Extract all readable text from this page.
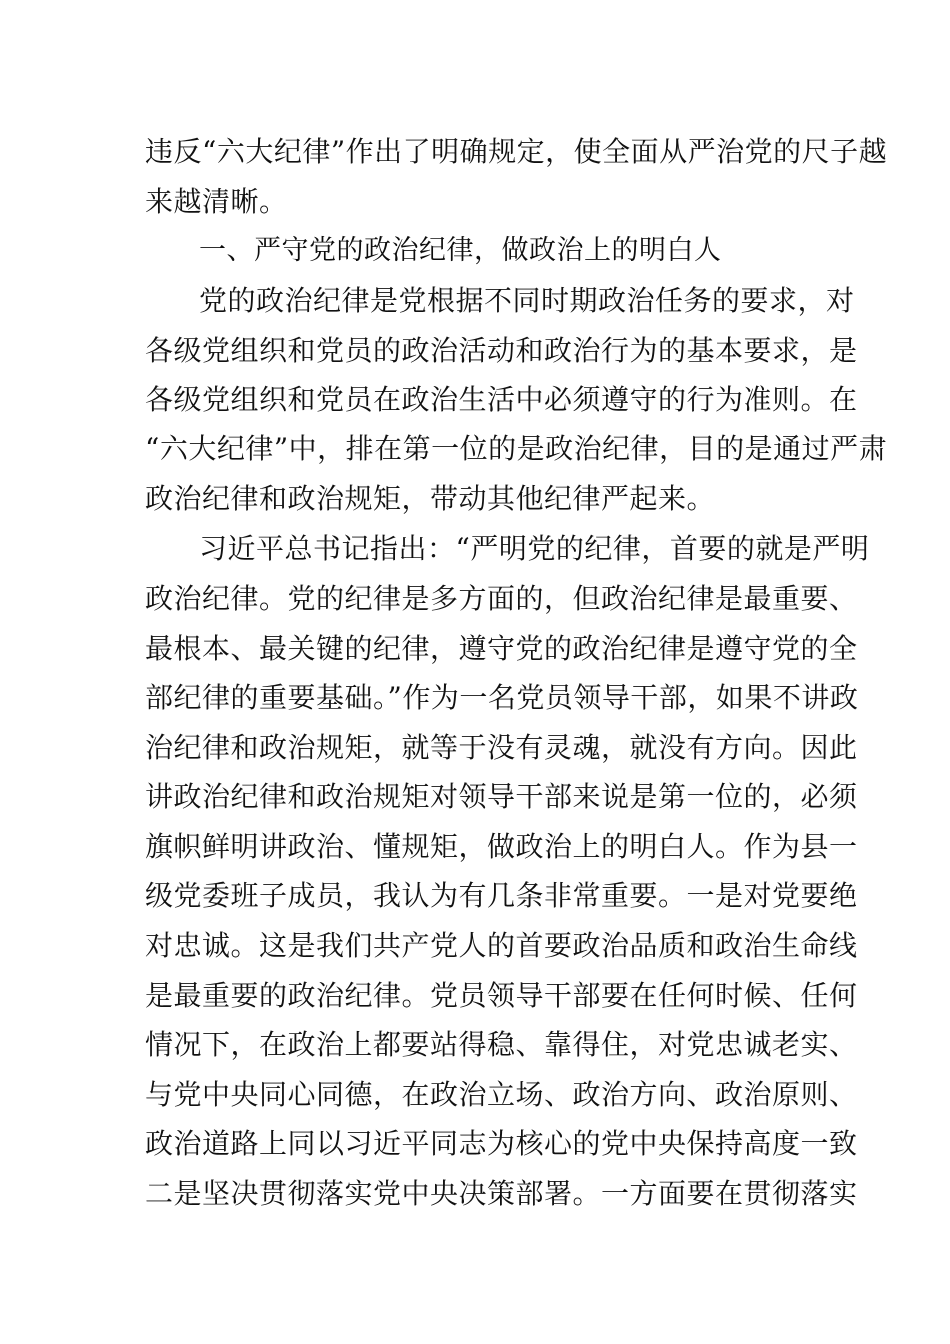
违反“六大纪律”作出了明确规定，使全面从严治党的尺子越
来越清晰。
一、严守党的政治纪律，做政治上的明白人
党的政治纪律是党根据不同时期政治任务的要求，对
各级党组织和党员的政治活动和政治行为的基本要求，是
各级党组织和党员在政治生活中必须遵守的行为准则。在
“六大纪律”中，排在第一位的是政治纪律，目的是通过严肃
政治纪律和政治规矩，带动其他纪律严起来。
习近平总书记指出：“严明党的纪律，首要的就是严明
政治纪律。党的纪律是多方面的，但政治纪律是最重要、
最根本、最关键的纪律，遵守党的政治纪律是遵守党的全
部纪律的重要基础。”作为一名党员领导干部，如果不讲政
治纪律和政治规矩，就等于没有灵魂，就没有方向。因此
讲政治纪律和政治规矩对领导干部来说是第一位的，必须
旗帜鲜明讲政治、懂规矩，做政治上的明白人。作为县一
级党委班子成员，我认为有几条非常重要。一是对党要绝
对忠诚。这是我们共产党人的首要政治品质和政治生命线
是最重要的政治纪律。党员领导干部要在任何时候、任何
情况下，在政治上都要站得稳、靠得住，对党忠诚老实、
与党中央同心同德，在政治立场、政治方向、政治原则、
政治道路上同以习近平同志为核心的党中央保持高度一致
二是坚决贯彻落实党中央决策部署。一方面要在贯彻落实
